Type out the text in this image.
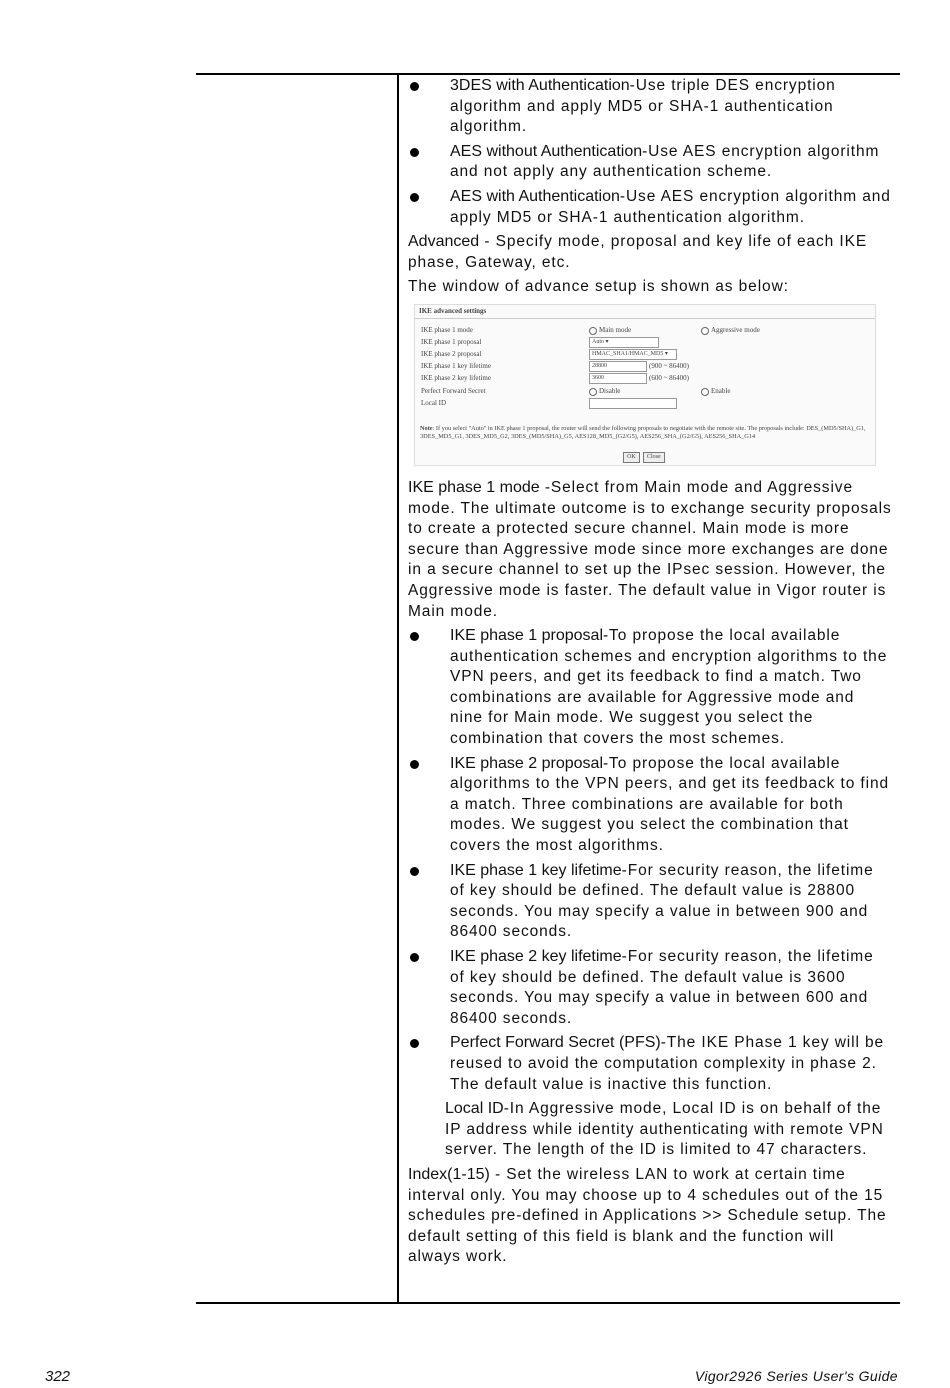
3DES with Authentication-Use triple DES encryption algorithm and apply MD5 or SHA-1 authentication algorithm.
AES without Authentication-Use AES encryption algorithm and not apply any authentication scheme.
AES with Authentication-Use AES encryption algorithm and apply MD5 or SHA-1 authentication algorithm.

Advanced - Specify mode, proposal and key life of each IKE phase, Gateway, etc.

The window of advance setup is shown as below:

IKE advanced settings
IKE phase 1 mode	Main mode	Aggressive mode
IKE phase 1 proposal	Auto ▾
IKE phase 2 proposal	HMAC_SHA1/HMAC_MD5 ▾
IKE phase 1 key lifetime	28800	(900 ~ 86400)
IKE phase 2 key lifetime	3600	(600 ~ 86400)
Perfect Forward Secret	Disable	Enable
Local ID
Note: If you select "Auto" in IKE phase 1 proposal, the router will send the following proposals to negotiate with the remote site. The proposals include: DES_(MD5/SHA)_G1, 3DES_MD5_G1, 3DES_MD5_G2, 3DES_(MD5/SHA)_G5, AES128_MD5_(G2/G5), AES256_SHA_(G2/G5), AES256_SHA_G14
OK	Close

IKE phase 1 mode -Select from Main mode and Aggressive mode. The ultimate outcome is to exchange security proposals to create a protected secure channel. Main mode is more secure than Aggressive mode since more exchanges are done in a secure channel to set up the IPsec session. However, the Aggressive mode is faster. The default value in Vigor router is Main mode.

IKE phase 1 proposal-To propose the local available authentication schemes and encryption algorithms to the VPN peers, and get its feedback to find a match. Two combinations are available for Aggressive mode and nine for Main mode. We suggest you select the combination that covers the most schemes.
IKE phase 2 proposal-To propose the local available algorithms to the VPN peers, and get its feedback to find a match. Three combinations are available for both modes. We suggest you select the combination that covers the most algorithms.
IKE phase 1 key lifetime-For security reason, the lifetime of key should be defined. The default value is 28800 seconds. You may specify a value in between 900 and 86400 seconds.
IKE phase 2 key lifetime-For security reason, the lifetime of key should be defined. The default value is 3600 seconds. You may specify a value in between 600 and 86400 seconds.
Perfect Forward Secret (PFS)-The IKE Phase 1 key will be reused to avoid the computation complexity in phase 2. The default value is inactive this function.

Local ID-In Aggressive mode, Local ID is on behalf of the IP address while identity authenticating with remote VPN server. The length of the ID is limited to 47 characters.

Index(1-15) - Set the wireless LAN to work at certain time interval only. You may choose up to 4 schedules out of the 15 schedules pre-defined in Applications >> Schedule setup. The default setting of this field is blank and the function will always work.

322	Vigor2926 Series User's Guide
